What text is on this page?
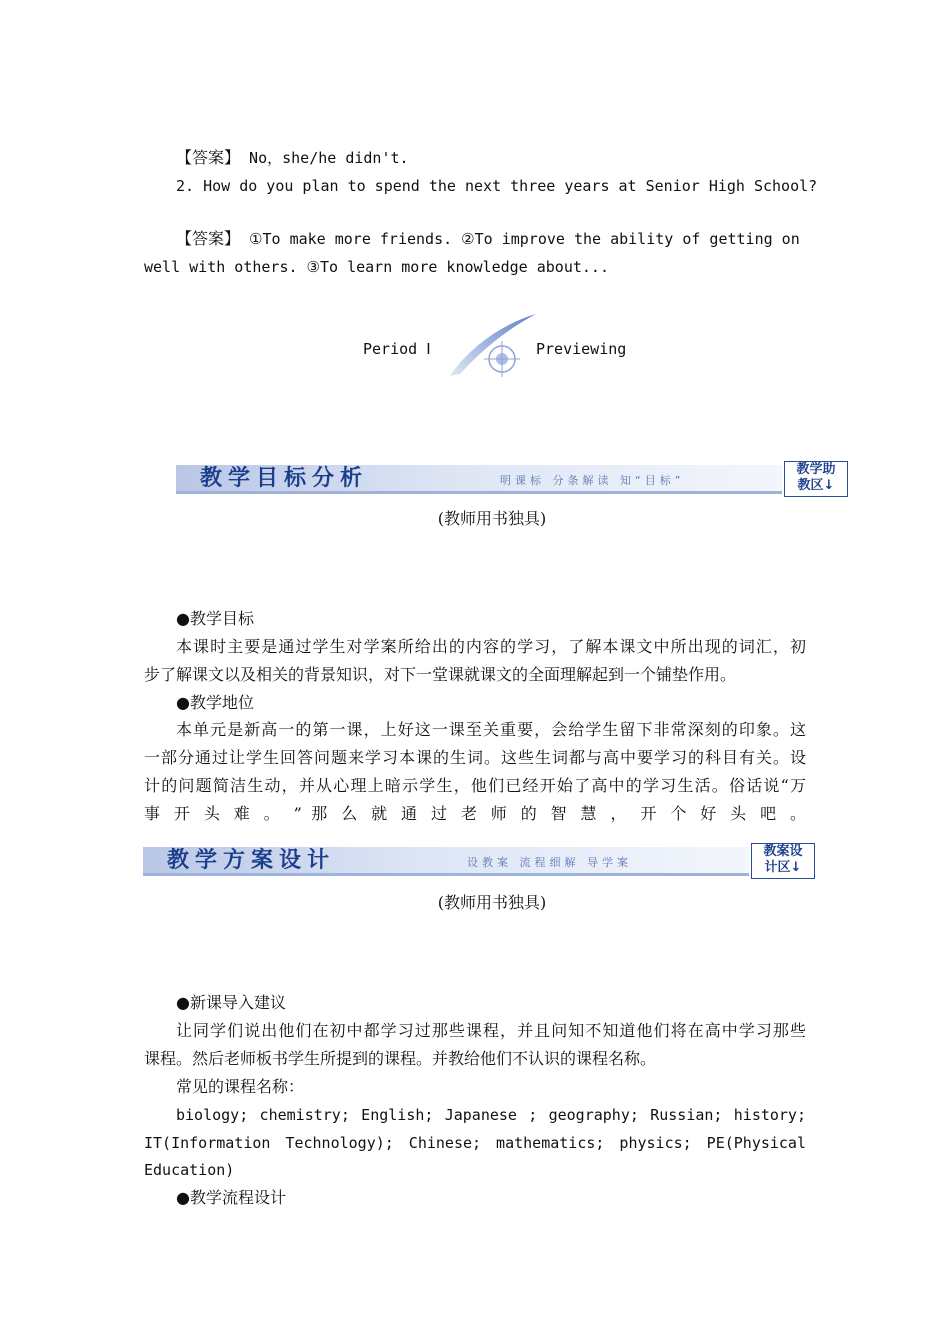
【答案】 No，she/he didn't.
2. How do you plan to spend the next three years at Senior High School?
【答案】 ①To make more friends. ②To improve the ability of getting on
well with others. ③To learn more knowledge about...
Period Ⅰ	Previewing
教学目标分析	明课标 分条解读 知“目标”
教学助
教区↓
(教师用书独具)
●教学目标
本课时主要是通过学生对学案所给出的内容的学习，了解本课文中所出现的词汇，初
步了解课文以及相关的背景知识，对下一堂课就课文的全面理解起到一个铺垫作用。
●教学地位
本单元是新高一的第一课，上好这一课至关重要，会给学生留下非常深刻的印象。这
一部分通过让学生回答问题来学习本课的生词。这些生词都与高中要学习的科目有关。设
计的问题简洁生动，并从心理上暗示学生，他们已经开始了高中的学习生活。俗话说“万
事 开 头 难 。 ” 那 么 就 通 过 老 师 的 智 慧 ， 开 个 好 头 吧 。
教学方案设计	设教案 流程细解 导学案
教案设
计区↓
(教师用书独具)
●新课导入建议
让同学们说出他们在初中都学习过那些课程，并且问知不知道他们将在高中学习那些
课程。然后老师板书学生所提到的课程。并教给他们不认识的课程名称。
常见的课程名称：
biology; chemistry; English; Japanese ; geography; Russian; history;
IT(Information Technology); Chinese; mathematics; physics; PE(Physical
Education)
●教学流程设计
